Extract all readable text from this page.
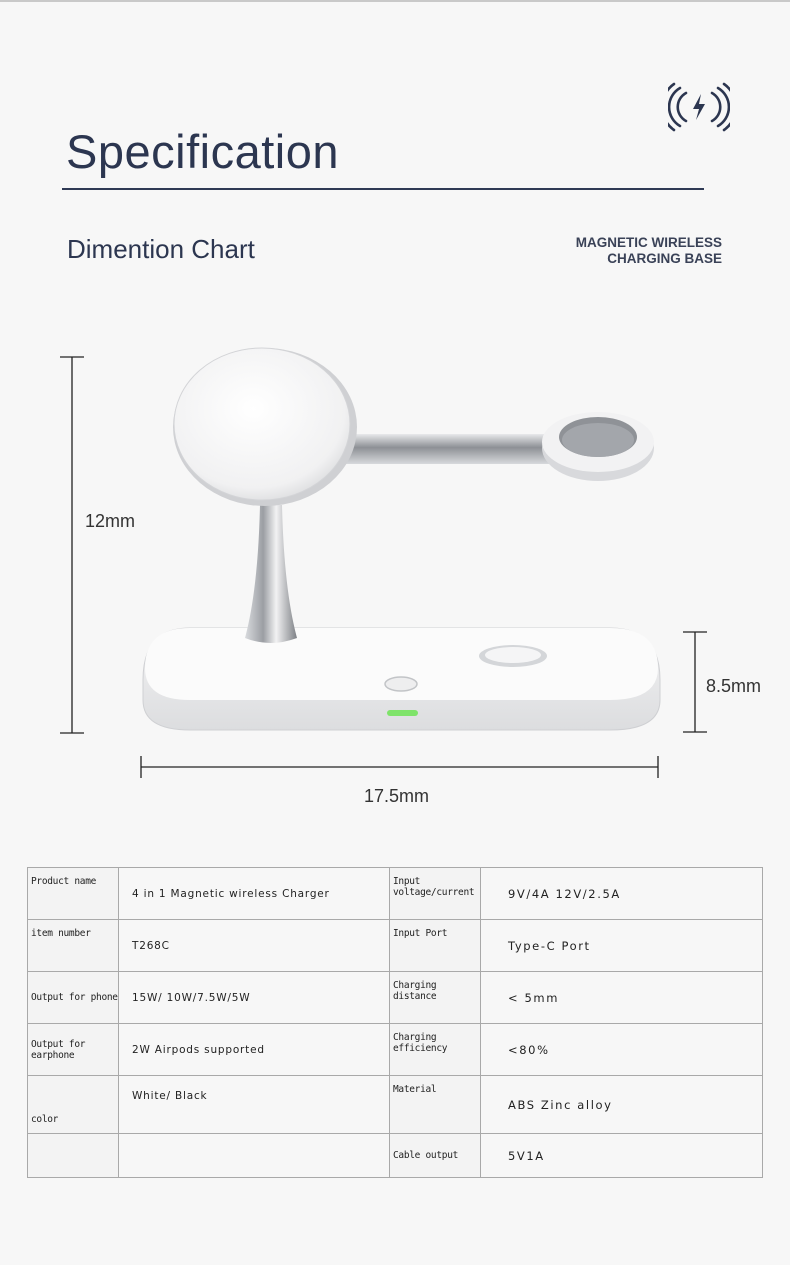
Specification
Dimention Chart	MAGNETIC WIRELESS
CHARGING BASE
12mm
8.5mm
17.5mm
Product name	4 in 1 Magnetic wireless Charger	Input voltage/current	9V/4A 12V/2.5A
item number	T268C	Input Port	Type-C Port
Output for phone	15W/ 10W/7.5W/5W	Charging distance	< 5mm
Output for earphone	2W Airpods supported	Charging efficiency	<80%
color	White/ Black	Material	ABS Zinc alloy
		Cable output	5V1A
